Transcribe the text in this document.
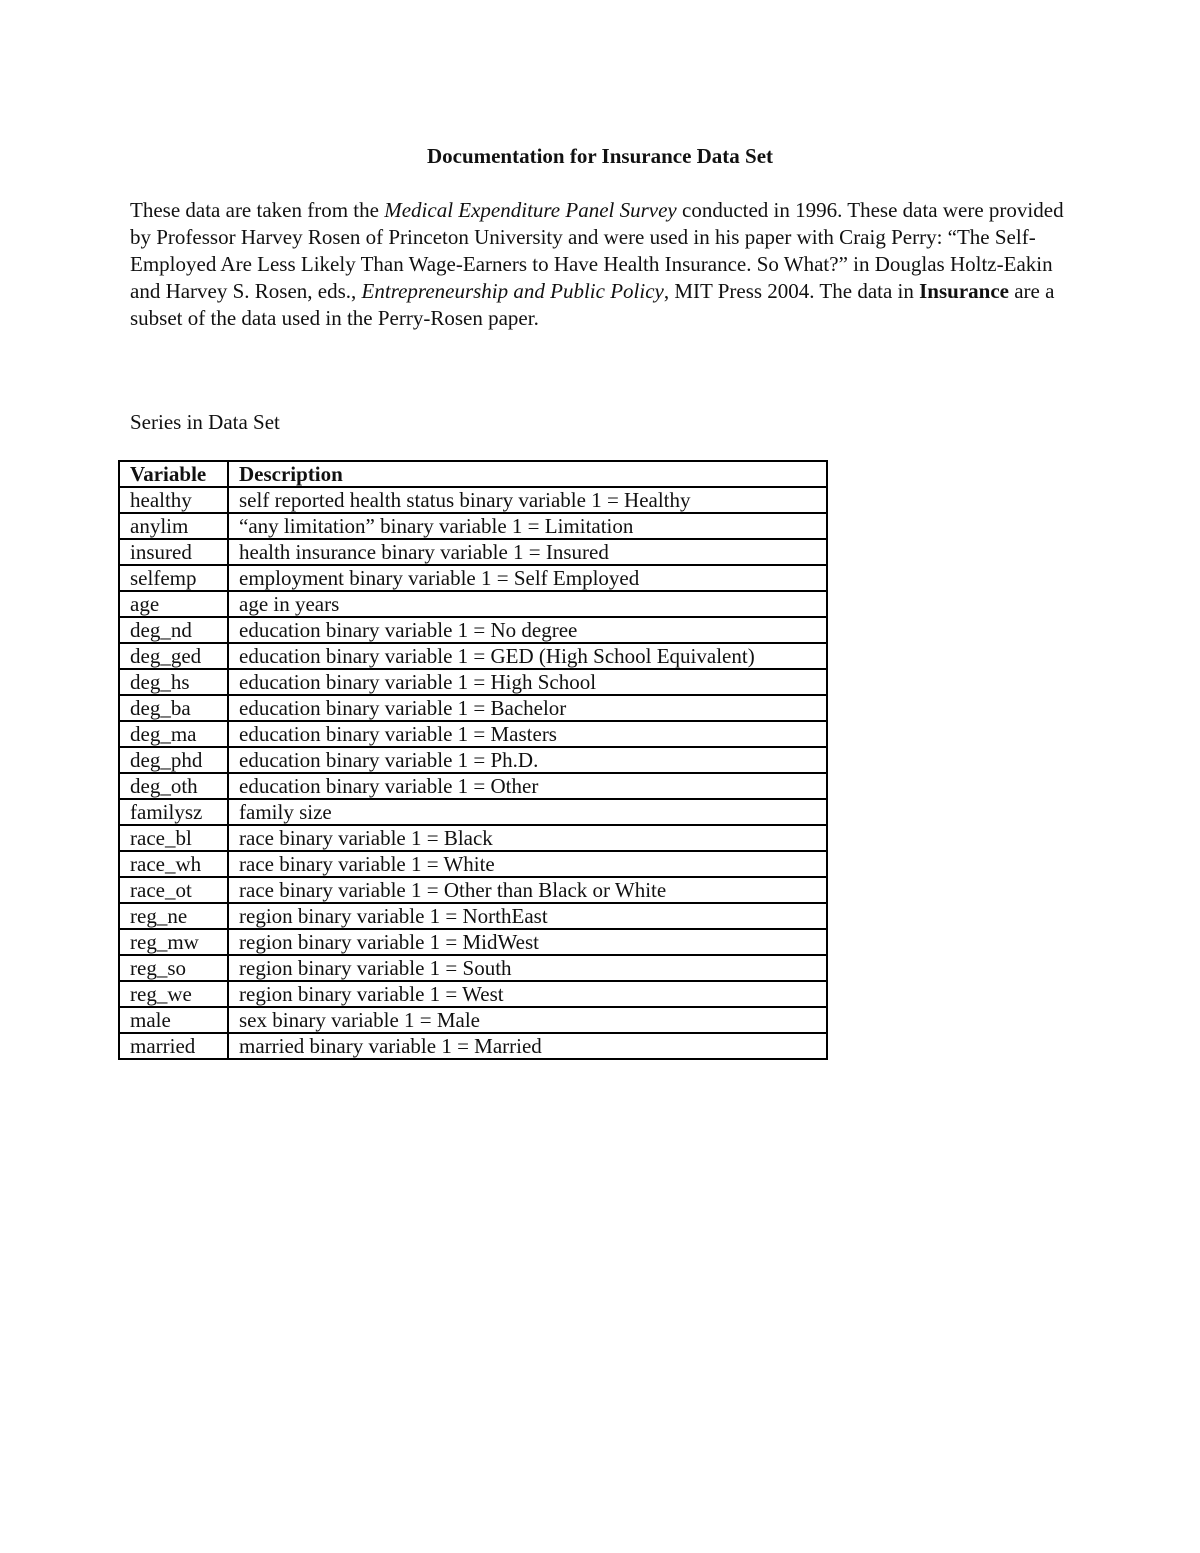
Documentation for Insurance Data Set

These data are taken from the Medical Expenditure Panel Survey conducted in 1996. These data were provided by Professor Harvey Rosen of Princeton University and were used in his paper with Craig Perry: “The Self-Employed Are Less Likely Than Wage-Earners to Have Health Insurance. So What?” in Douglas Holtz-Eakin and Harvey S. Rosen, eds., Entrepreneurship and Public Policy, MIT Press 2004. The data in Insurance are a subset of the data used in the Perry-Rosen paper.

Series in Data Set

Variable	Description
healthy	self reported health status binary variable 1 = Healthy
anylim	“any limitation” binary variable 1 = Limitation
insured	health insurance binary variable 1 = Insured
selfemp	employment binary variable 1 = Self Employed
age	age in years
deg_nd	education binary variable 1 = No degree
deg_ged	education binary variable 1 = GED (High School Equivalent)
deg_hs	education binary variable 1 = High School
deg_ba	education binary variable 1 = Bachelor
deg_ma	education binary variable 1 = Masters
deg_phd	education binary variable 1 = Ph.D.
deg_oth	education binary variable 1 = Other
familysz	family size
race_bl	race binary variable 1 = Black
race_wh	race binary variable 1 = White
race_ot	race binary variable 1 = Other than Black or White
reg_ne	region binary variable 1 = NorthEast
reg_mw	region binary variable 1 = MidWest
reg_so	region binary variable 1 = South
reg_we	region binary variable 1 = West
male	sex binary variable 1 = Male
married	married binary variable 1 = Married
